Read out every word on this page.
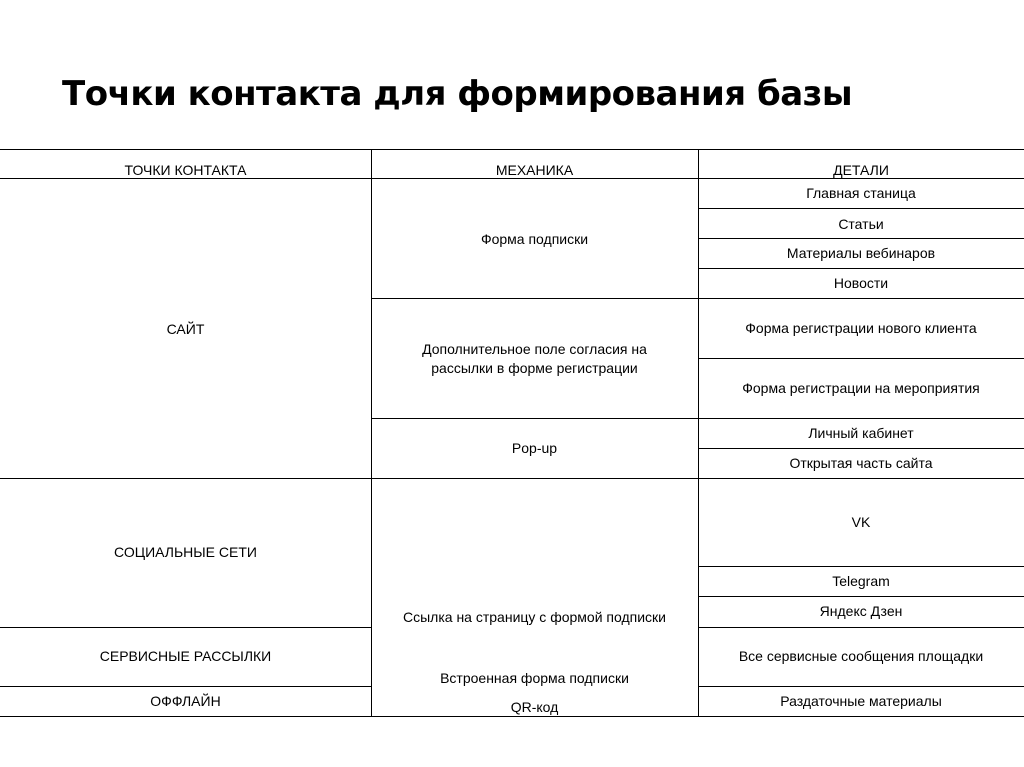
Точки контакта для формирования базы
ТОЧКИ КОНТАКТА	МЕХАНИКА	ДЕТАЛИ
САЙТ
СОЦИАЛЬНЫЕ СЕТИ
СЕРВИСНЫЕ РАССЫЛКИ
ОФФЛАЙН
Форма подписки
Дополнительное поле согласия на
рассылки в форме регистрации
Pop-up
Ссылка на страницу с формой подписки
Встроенная форма подписки
QR-код
Главная станица
Статьи
Материалы вебинаров
Новости
Форма регистрации нового клиента
Форма регистрации на мероприятия
Личный кабинет
Открытая часть сайта
VK
Telegram
Яндекс Дзен
Все сервисные сообщения площадки
Раздаточные материалы
